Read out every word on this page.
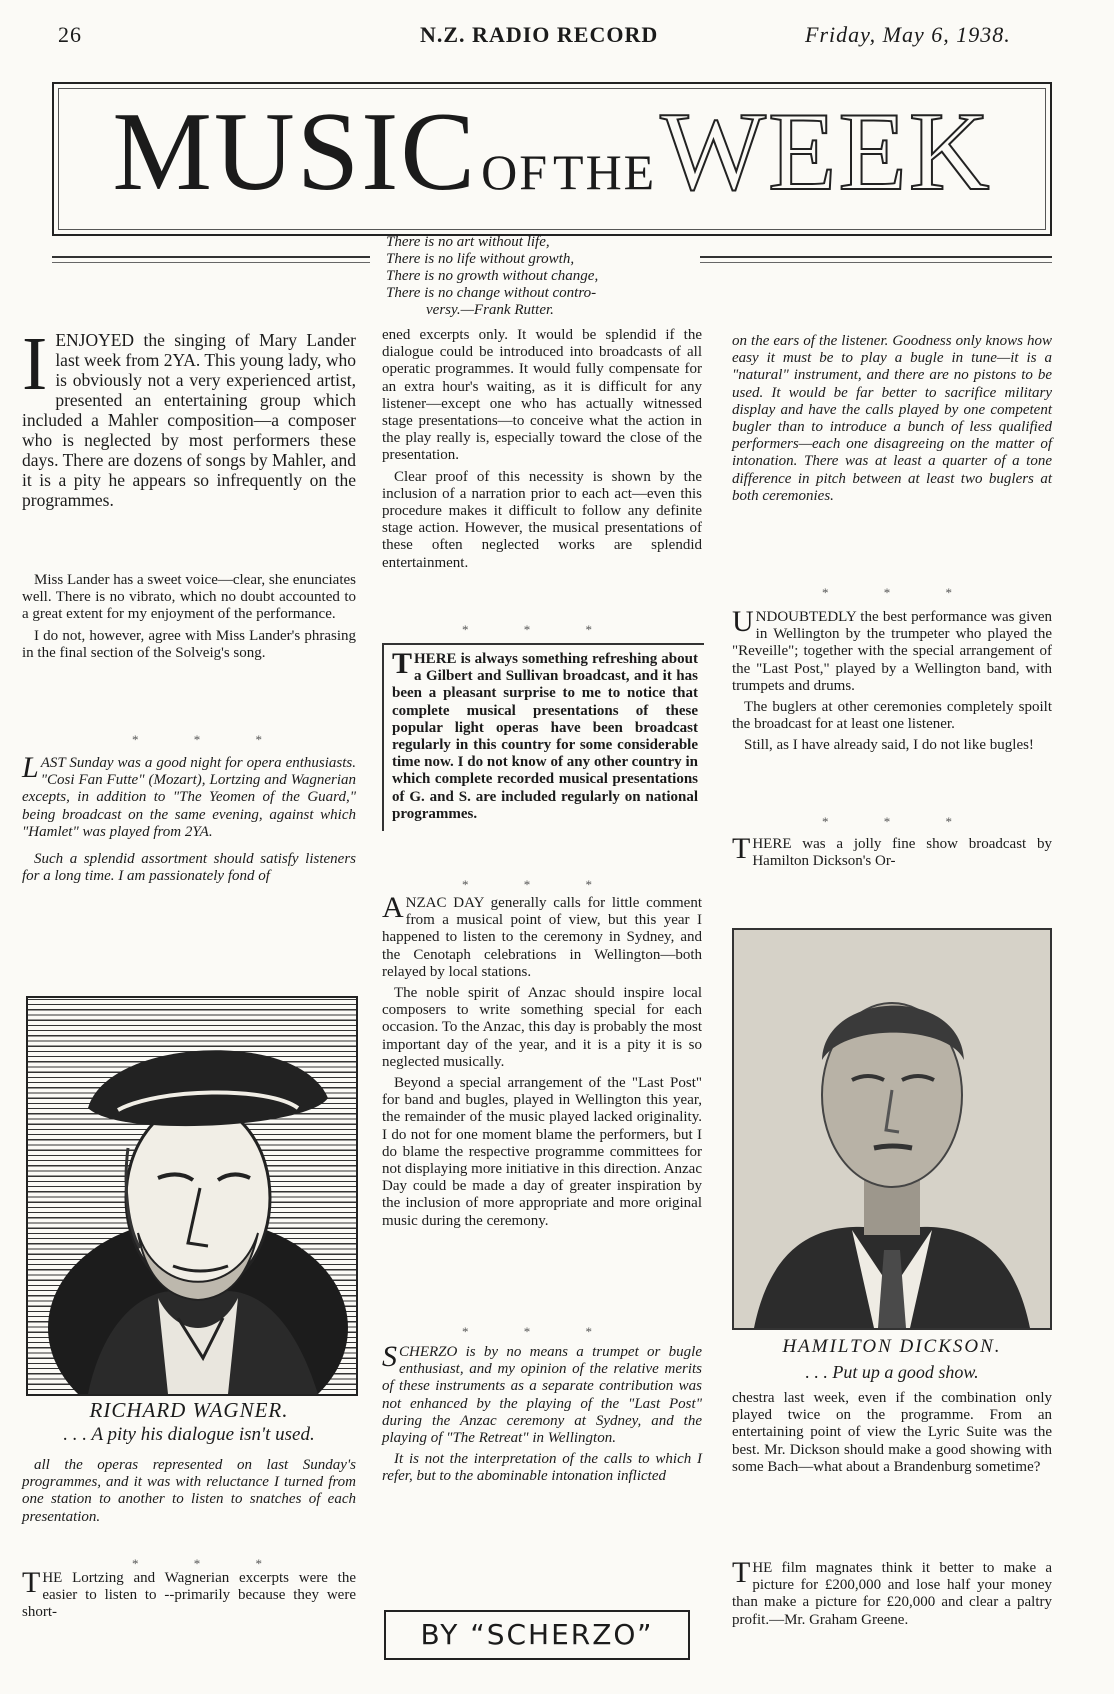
26	N.Z. RADIO RECORD	Friday, May 6, 1938.
MUSIC OF THE WEEK
There is no art without life,
There is no life without growth,
There is no growth without change,
There is no change without contro-
versy.—Frank Rutter.
I ENJOYED the singing of Mary Lander last week from 2YA. This young lady, who is obviously not a very experienced artist, presented an entertaining group which included a Mahler composition—a composer who is neglected by most performers these days. There are dozens of songs by Mahler, and it is a pity he appears so infrequently on the programmes.

Miss Lander has a sweet voice—clear, she enunciates well. There is no vibrato, which no doubt accounted to a great extent for my enjoyment of the performance.

I do not, however, agree with Miss Lander's phrasing in the final section of the Solveig's song.

* * *

LAST Sunday was a good night for opera enthusiasts. "Cosi Fan Futte" (Mozart), Lortzing and Wagnerian excepts, in addition to "The Yeomen of the Guard," being broadcast on the same evening, against which "Hamlet" was played from 2YA.

Such a splendid assortment should satisfy listeners for a long time. I am passionately fond of

RICHARD WAGNER.
. . . A pity his dialogue isn't used.

all the operas represented on last Sunday's programmes, and it was with reluctance I turned from one station to another to listen to snatches of each presentation.

* * *

THE Lortzing and Wagnerian excerpts were the easier to listen to --primarily because they were short-

ened excerpts only. It would be splendid if the dialogue could be introduced into broadcasts of all operatic programmes. It would fully compensate for an extra hour's waiting, as it is difficult for any listener—except one who has actually witnessed stage presentations—to conceive what the action in the play really is, especially toward the close of the presentation.

Clear proof of this necessity is shown by the inclusion of a narration prior to each act—even this procedure makes it difficult to follow any definite stage action. However, the musical presentations of these often neglected works are splendid entertainment.

* * *

THERE is always something refreshing about a Gilbert and Sullivan broadcast, and it has been a pleasant surprise to me to notice that complete musical presentations of these popular light operas have been broadcast regularly in this country for some considerable time now. I do not know of any other country in which complete recorded musical presentations of G. and S. are included regularly on national programmes.

* * *

ANZAC DAY generally calls for little comment from a musical point of view, but this year I happened to listen to the ceremony in Sydney, and the Cenotaph celebrations in Wellington—both relayed by local stations.

The noble spirit of Anzac should inspire local composers to write something special for each occasion. To the Anzac, this day is probably the most important day of the year, and it is a pity it is so neglected musically.

Beyond a special arrangement of the "Last Post" for band and bugles, played in Wellington this year, the remainder of the music played lacked originality. I do not for one moment blame the performers, but I do blame the respective programme committees for not displaying more initiative in this direction. Anzac Day could be made a day of greater inspiration by the inclusion of more appropriate and more original music during the ceremony.

* * *

SCHERZO is by no means a trumpet or bugle enthusiast, and my opinion of the relative merits of these instruments as a separate contribution was not enhanced by the playing of the "Last Post" during the Anzac ceremony at Sydney, and the playing of "The Retreat" in Wellington.

It is not the interpretation of the calls to which I refer, but to the abominable intonation inflicted

BY “SCHERZO”

on the ears of the listener. Goodness only knows how easy it must be to play a bugle in tune—it is a "natural" instrument, and there are no pistons to be used. It would be far better to sacrifice military display and have the calls played by one competent bugler than to introduce a bunch of less qualified performers—each one disagreeing on the matter of intonation. There was at least a quarter of a tone difference in pitch between at least two buglers at both ceremonies.

* * *

UNDOUBTEDLY the best performance was given in Wellington by the trumpeter who played the "Reveille"; together with the special arrangement of the "Last Post," played by a Wellington band, with trumpets and drums.

The buglers at other ceremonies completely spoilt the broadcast for at least one listener.

Still, as I have already said, I do not like bugles!

* * *

THERE was a jolly fine show broadcast by Hamilton Dickson's Or-

HAMILTON DICKSON.
. . . Put up a good show.

chestra last week, even if the combination only played twice on the programme. From an entertaining point of view the Lyric Suite was the best. Mr. Dickson should make a good showing with some Bach—what about a Brandenburg sometime?

THE film magnates think it better to make a picture for £200,000 and lose half your money than make a picture for £20,000 and clear a paltry profit.—Mr. Graham Greene.
